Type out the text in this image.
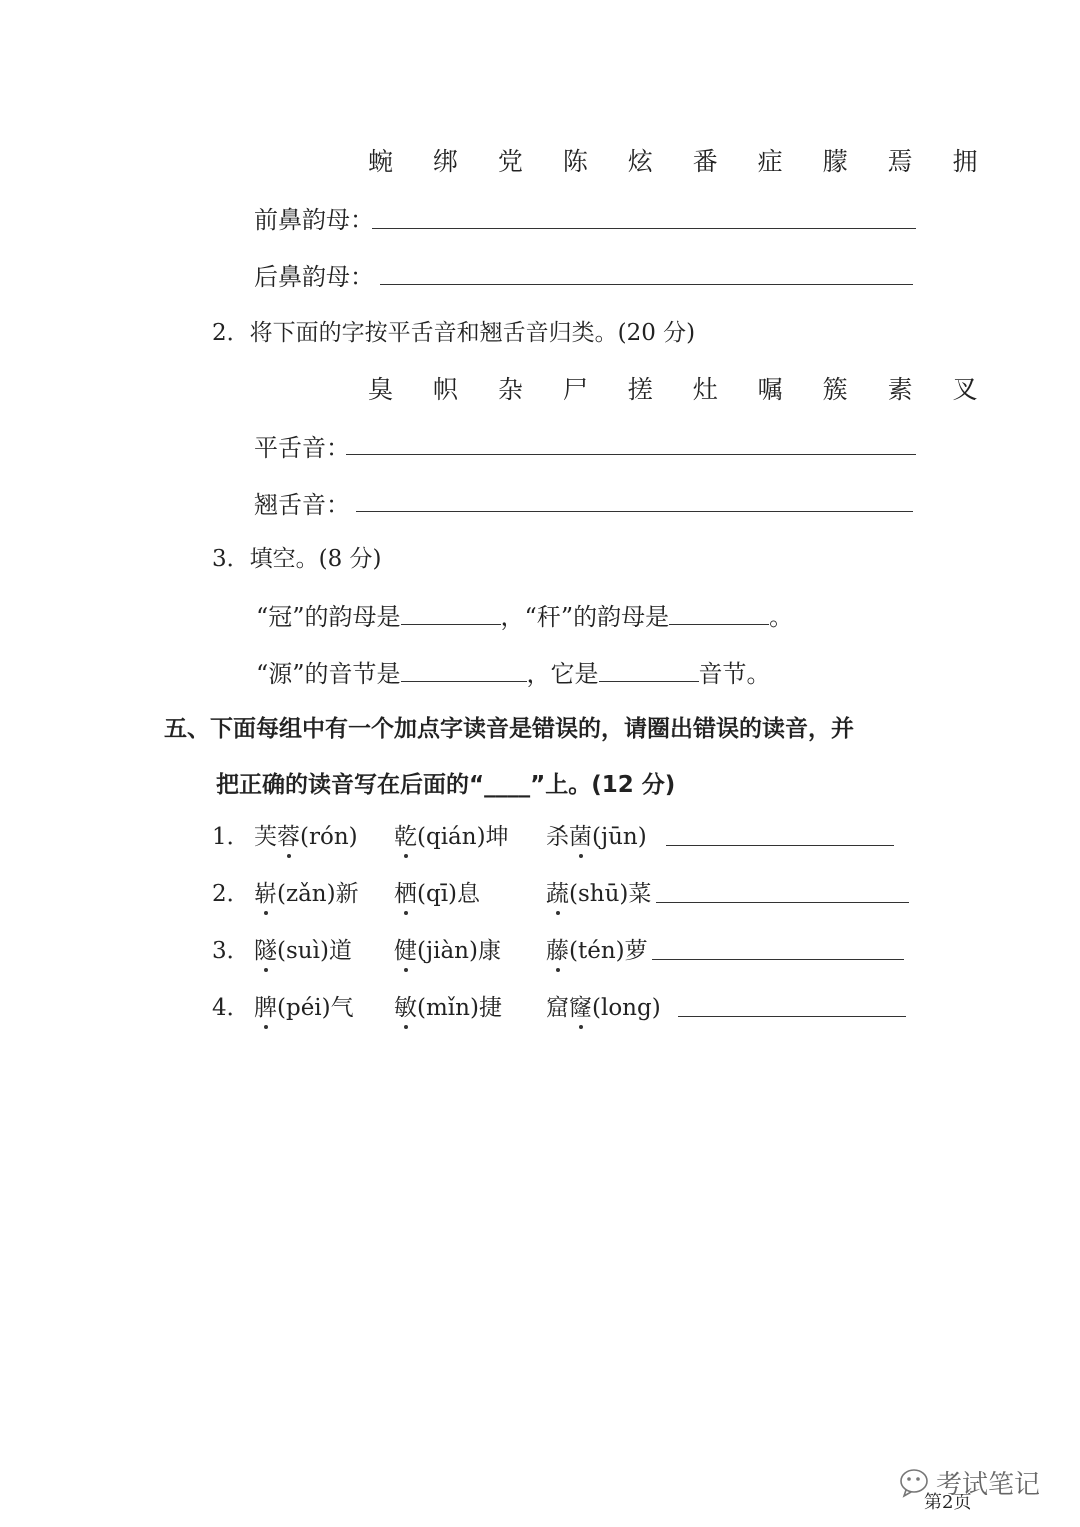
蜿 绑 党 陈 炫 番 症 朦 焉 拥
前鼻韵母：
后鼻韵母：
2．将下面的字按平舌音和翘舌音归类。(20 分)
臭 帜 杂 尸 搓 灶 嘱 簇 素 叉
平舌音：
翘舌音：
3．填空。(8 分)
“冠”的韵母是	，“秆”的韵母是	。
“源”的音节是	，它是	音节。
五、下面每组中有一个加点字读音是错误的，请圈出错误的读音，并
把正确的读音写在后面的“____”上。(12 分)
1． 芙蓉(rón) 乾(qián)坤 杀菌(jūn)
2． 崭(zǎn)新 栖(qī)息	蔬(shū)菜
3． 隧(suì)道 健(jiàn)康 藤(tén)萝
4． 脾(péi)气 敏(mǐn)捷 窟窿(long)
第2页
考试笔记
